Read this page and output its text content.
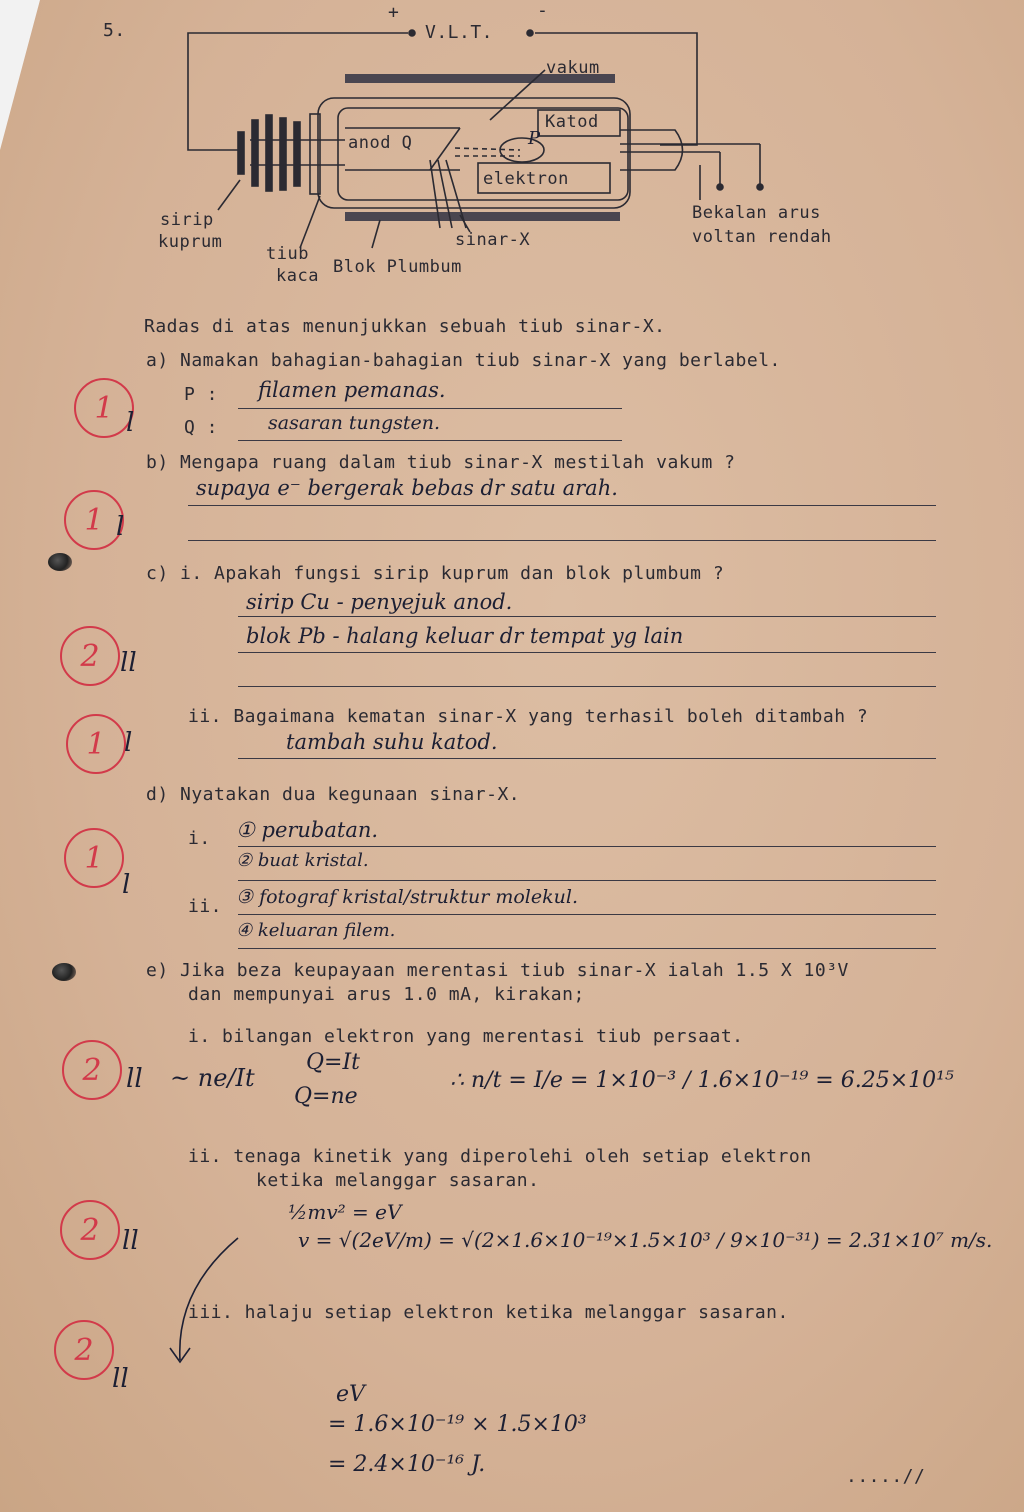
5.
+	-
V.L.T.
vakum
Katod
anod Q
elektron
sirip
kuprum
tiub
kaca Blok Plumbum
sinar-X
Bekalan arus
voltan rendah
P
Radas di atas menunjukkan sebuah tiub sinar-X.
a) Namakan bahagian-bahagian tiub sinar-X yang berlabel.
P : filamen pemanas.
Q :	sasaran tungsten.
b) Mengapa ruang dalam tiub sinar-X mestilah vakum ?
supaya e⁻ bergerak bebas dr satu arah.
c) i. Apakah fungsi sirip kuprum dan blok plumbum ?
sirip Cu - penyejuk anod.
blok Pb - halang keluar dr tempat yg lain
ii. Bagaimana kematan sinar-X yang terhasil boleh ditambah ?
tambah suhu katod.
d) Nyatakan dua kegunaan sinar-X.
i. ① perubatan.
② buat kristal.
ii. ③ fotograf kristal/struktur molekul.
④ keluaran filem.
e) Jika beza keupayaan merentasi tiub sinar-X ialah 1.5 X 10³V
dan mempunyai arus 1.0 mA, kirakan;
i. bilangan elektron yang merentasi tiub persaat.
~ ne/It
Q=It
Q=ne
∴ n/t = I/e = 1×10⁻³ / 1.6×10⁻¹⁹ = 6.25×10¹⁵
ii. tenaga kinetik yang diperolehi oleh setiap elektron
ketika melanggar sasaran.
½mv² = eV
v = √(2eV/m) = √(2×1.6×10⁻¹⁹×1.5×10³ / 9×10⁻³¹) = 2.31×10⁷ m/s.
iii. halaju setiap elektron ketika melanggar sasaran.
eV
= 1.6×10⁻¹⁹ × 1.5×10³
= 2.4×10⁻¹⁶ J.
1 l
1 l
2 ll
1 l
1
l
2 ll
2 ll
2
ll
.....//
